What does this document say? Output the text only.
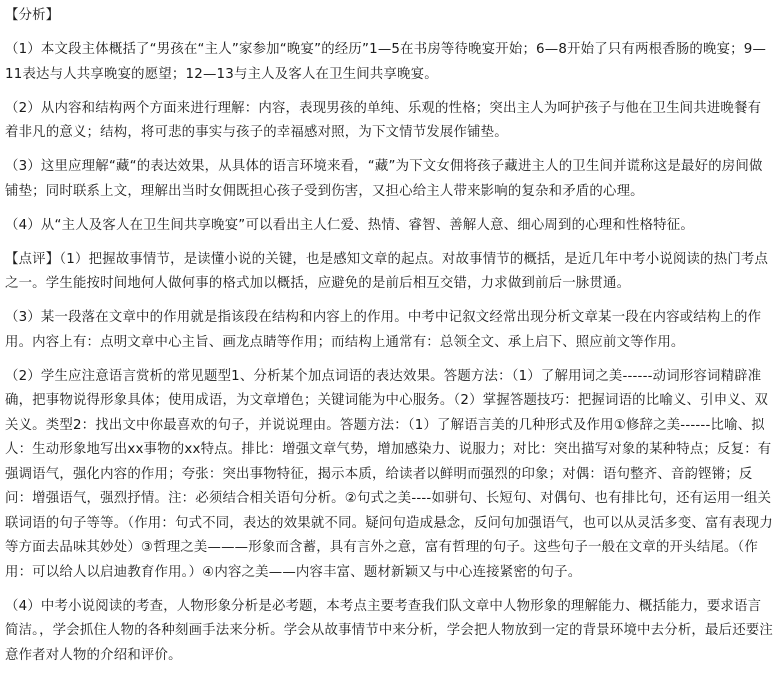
【分析】

（1）本文段主体概括了“男孩在“主人”家参加“晚宴”的经历”1—5在书房等待晚宴开始；6—8开始了只有两根香肠的晚宴；9—11表达与人共享晚宴的愿望；12—13与主人及客人在卫生间共享晚宴。

（2）从内容和结构两个方面来进行理解：内容，表现男孩的单纯、乐观的性格；突出主人为呵护孩子与他在卫生间共进晚餐有着非凡的意义；结构，将可悲的事实与孩子的幸福感对照，为下文情节发展作铺垫。

（3）这里应理解“藏“的表达效果，从具体的语言环境来看，“藏”为下文女佣将孩子藏进主人的卫生间并谎称这是最好的房间做铺垫；同时联系上文，理解出当时女佣既担心孩子受到伤害，又担心给主人带来影响的复杂和矛盾的心理。

（4）从“主人及客人在卫生间共享晚宴”可以看出主人仁爱、热情、睿智、善解人意、细心周到的心理和性格特征。

【点评】（1）把握故事情节，是读懂小说的关键，也是感知文章的起点。对故事情节的概括，是近几年中考小说阅读的热门考点之一。学生能按时间地何人做何事的格式加以概括，应避免的是前后相互交错，力求做到前后一脉贯通。

（3）某一段落在文章中的作用就是指该段在结构和内容上的作用。中考中记叙文经常出现分析文章某一段在内容或结构上的作用。内容上有：点明文章中心主旨、画龙点睛等作用；而结构上通常有：总领全文、承上启下、照应前文等作用。

（2）学生应注意语言赏析的常见题型1、分析某个加点词语的表达效果。答题方法：（1）了解用词之美------动词形容词精辟准确，把事物说得形象具体；使用成语，为文章增色；关键词能为中心服务。（2）掌握答题技巧：把握词语的比喻义、引申义、双关义。类型2：找出文中你最喜欢的句子，并说说理由。答题方法：（1）了解语言美的几种形式及作用①修辞之美------比喻、拟人：生动形象地写出xx事物的xx特点。排比：增强文章气势，增加感染力、说服力；对比：突出描写对象的某种特点；反复：有强调语气，强化内容的作用；夸张：突出事物特征，揭示本质，给读者以鲜明而强烈的印象；对偶：语句整齐、音韵铿锵；反问：增强语气，强烈抒情。注：必须结合相关语句分析。②句式之美----如骈句、长短句、对偶句、也有排比句，还有运用一组关联词语的句子等等。（作用：句式不同，表达的效果就不同。疑问句造成悬念，反问句加强语气，也可以从灵活多变、富有表现力等方面去品味其妙处）③哲理之美———形象而含蓄，具有言外之意，富有哲理的句子。这些句子一般在文章的开头结尾。（作用：可以给人以启迪教育作用。）④内容之美——内容丰富、题材新颖又与中心连接紧密的句子。

（4）中考小说阅读的考查，人物形象分析是必考题，本考点主要考查我们队文章中人物形象的理解能力、概括能力，要求语言简洁。，学会抓住人物的各种刻画手法来分析。学会从故事情节中来分析，学会把人物放到一定的背景环境中去分析，最后还要注意作者对人物的介绍和评价。
